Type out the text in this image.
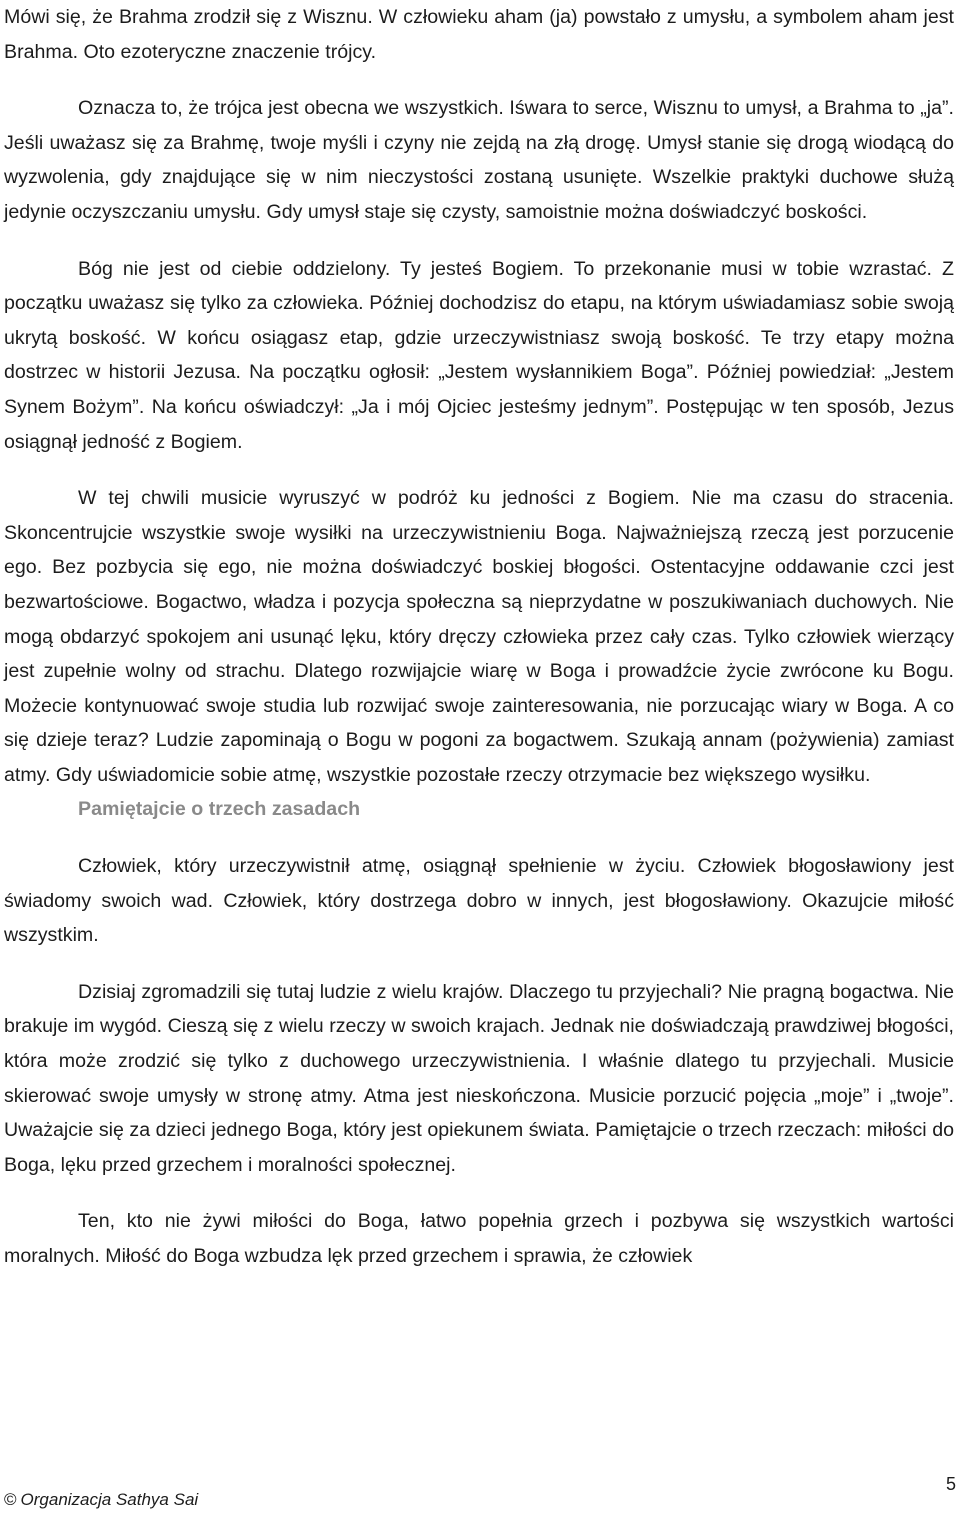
Mówi się, że Brahma zrodził się z Wisznu. W człowieku aham (ja) powstało z umysłu, a symbolem aham jest Brahma. Oto ezoteryczne znaczenie trójcy.

Oznacza to, że trójca jest obecna we wszystkich. Iśwara to serce, Wisznu to umysł, a Brahma to „ja”. Jeśli uważasz się za Brahmę, twoje myśli i czyny nie zejdą na złą drogę. Umysł stanie się drogą wiodącą do wyzwolenia, gdy znajdujące się w nim nieczystości zostaną usunięte. Wszelkie praktyki duchowe służą jedynie oczyszczaniu umysłu. Gdy umysł staje się czysty, samoistnie można doświadczyć boskości.

Bóg nie jest od ciebie oddzielony. Ty jesteś Bogiem. To przekonanie musi w tobie wzrastać. Z początku uważasz się tylko za człowieka. Później dochodzisz do etapu, na którym uświadamiasz sobie swoją ukrytą boskość. W końcu osiągasz etap, gdzie urzeczywistniasz swoją boskość. Te trzy etapy można dostrzec w historii Jezusa. Na początku ogłosił: „Jestem wysłannikiem Boga”. Później powiedział: „Jestem Synem Bożym”. Na końcu oświadczył: „Ja i mój Ojciec jesteśmy jednym”. Postępując w ten sposób, Jezus osiągnął jedność z Bogiem.

W tej chwili musicie wyruszyć w podróż ku jedności z Bogiem. Nie ma czasu do stracenia. Skoncentrujcie wszystkie swoje wysiłki na urzeczywistnieniu Boga. Najważniejszą rzeczą jest porzucenie ego. Bez pozbycia się ego, nie można doświadczyć boskiej błogości. Ostentacyjne oddawanie czci jest bezwartościowe. Bogactwo, władza i pozycja społeczna są nieprzydatne w poszukiwaniach duchowych. Nie mogą obdarzyć spokojem ani usunąć lęku, który dręczy człowieka przez cały czas. Tylko człowiek wierzący jest zupełnie wolny od strachu. Dlatego rozwijajcie wiarę w Boga i prowadźcie życie zwrócone ku Bogu. Możecie kontynuować swoje studia lub rozwijać swoje zainteresowania, nie porzucając wiary w Boga. A co się dzieje teraz? Ludzie zapominają o Bogu w pogoni za bogactwem. Szukają annam (pożywienia) zamiast atmy. Gdy uświadomicie sobie atmę, wszystkie pozostałe rzeczy otrzymacie bez większego wysiłku.

Pamiętajcie o trzech zasadach

Człowiek, który urzeczywistnił atmę, osiągnął spełnienie w życiu. Człowiek błogosławiony jest świadomy swoich wad. Człowiek, który dostrzega dobro w innych, jest błogosławiony. Okazujcie miłość wszystkim.

Dzisiaj zgromadzili się tutaj ludzie z wielu krajów. Dlaczego tu przyjechali? Nie pragną bogactwa. Nie brakuje im wygód. Cieszą się z wielu rzeczy w swoich krajach. Jednak nie doświadczają prawdziwej błogości, która może zrodzić się tylko z duchowego urzeczywistnienia. I właśnie dlatego tu przyjechali. Musicie skierować swoje umysły w stronę atmy. Atma jest nieskończona. Musicie porzucić pojęcia „moje” i „twoje”. Uważajcie się za dzieci jednego Boga, który jest opiekunem świata. Pamiętajcie o trzech rzeczach: miłości do Boga, lęku przed grzechem i moralności społecznej.

Ten, kto nie żywi miłości do Boga, łatwo popełnia grzech i pozbywa się wszystkich wartości moralnych. Miłość do Boga wzbudza lęk przed grzechem i sprawia, że człowiek

5
© Organizacja Sathya Sai
